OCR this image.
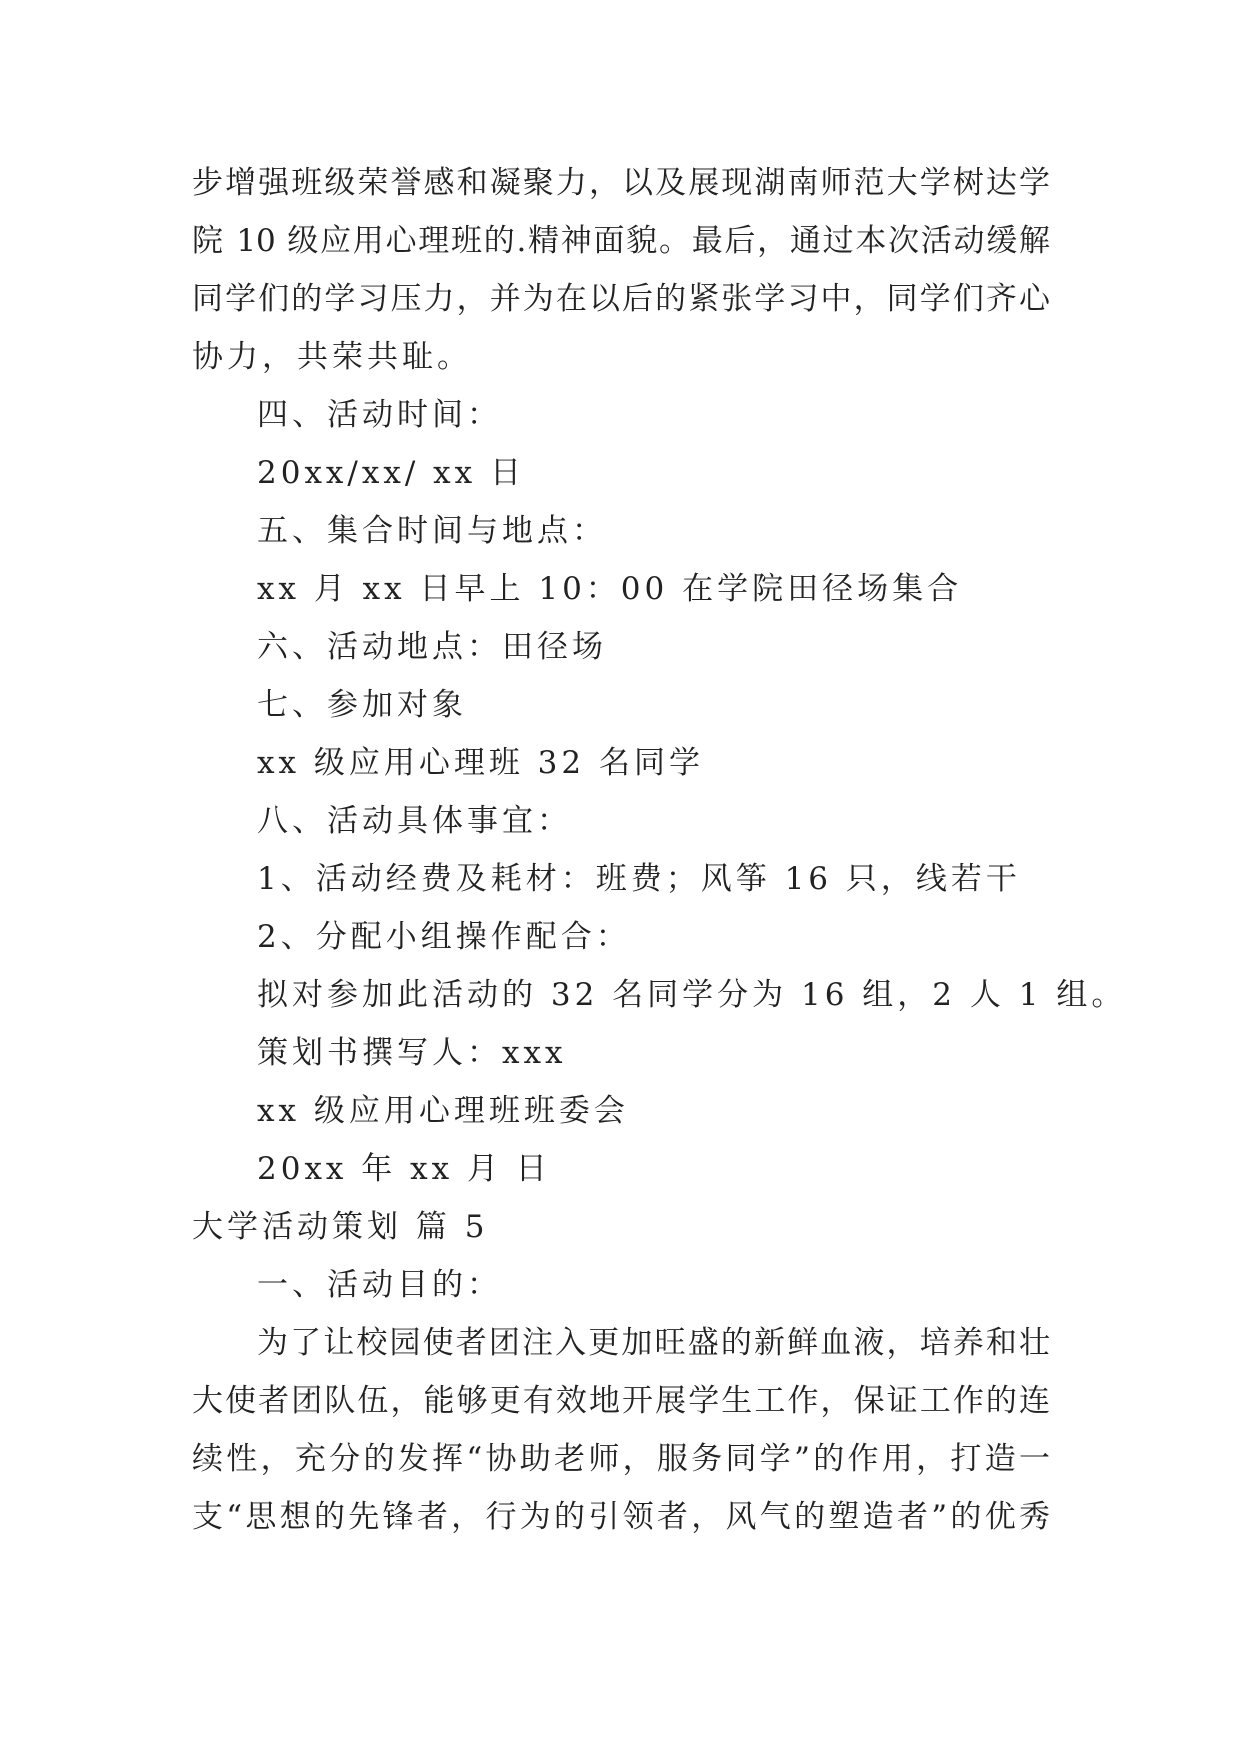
步增强班级荣誉感和凝聚力，以及展现湖南师范大学树达学
院 10 级应用心理班的.精神面貌。最后，通过本次活动缓解
同学们的学习压力，并为在以后的紧张学习中，同学们齐心
协力，共荣共耻。
四、活动时间：
20xx/xx/ xx 日
五、集合时间与地点：
xx 月 xx 日早上 10：00 在学院田径场集合
六、活动地点：田径场
七、参加对象
xx 级应用心理班 32 名同学
八、活动具体事宜：
1、活动经费及耗材：班费；风筝 16 只，线若干
2、分配小组操作配合：
拟对参加此活动的 32 名同学分为 16 组，2 人 1 组。
策划书撰写人：xxx
xx 级应用心理班班委会
20xx 年 xx 月 日
大学活动策划 篇 5
一、活动目的：
为了让校园使者团注入更加旺盛的新鲜血液，培养和壮
大使者团队伍，能够更有效地开展学生工作，保证工作的连
续性，充分的发挥“协助老师，服务同学”的作用，打造一
支“思想的先锋者，行为的引领者，风气的塑造者”的优秀
